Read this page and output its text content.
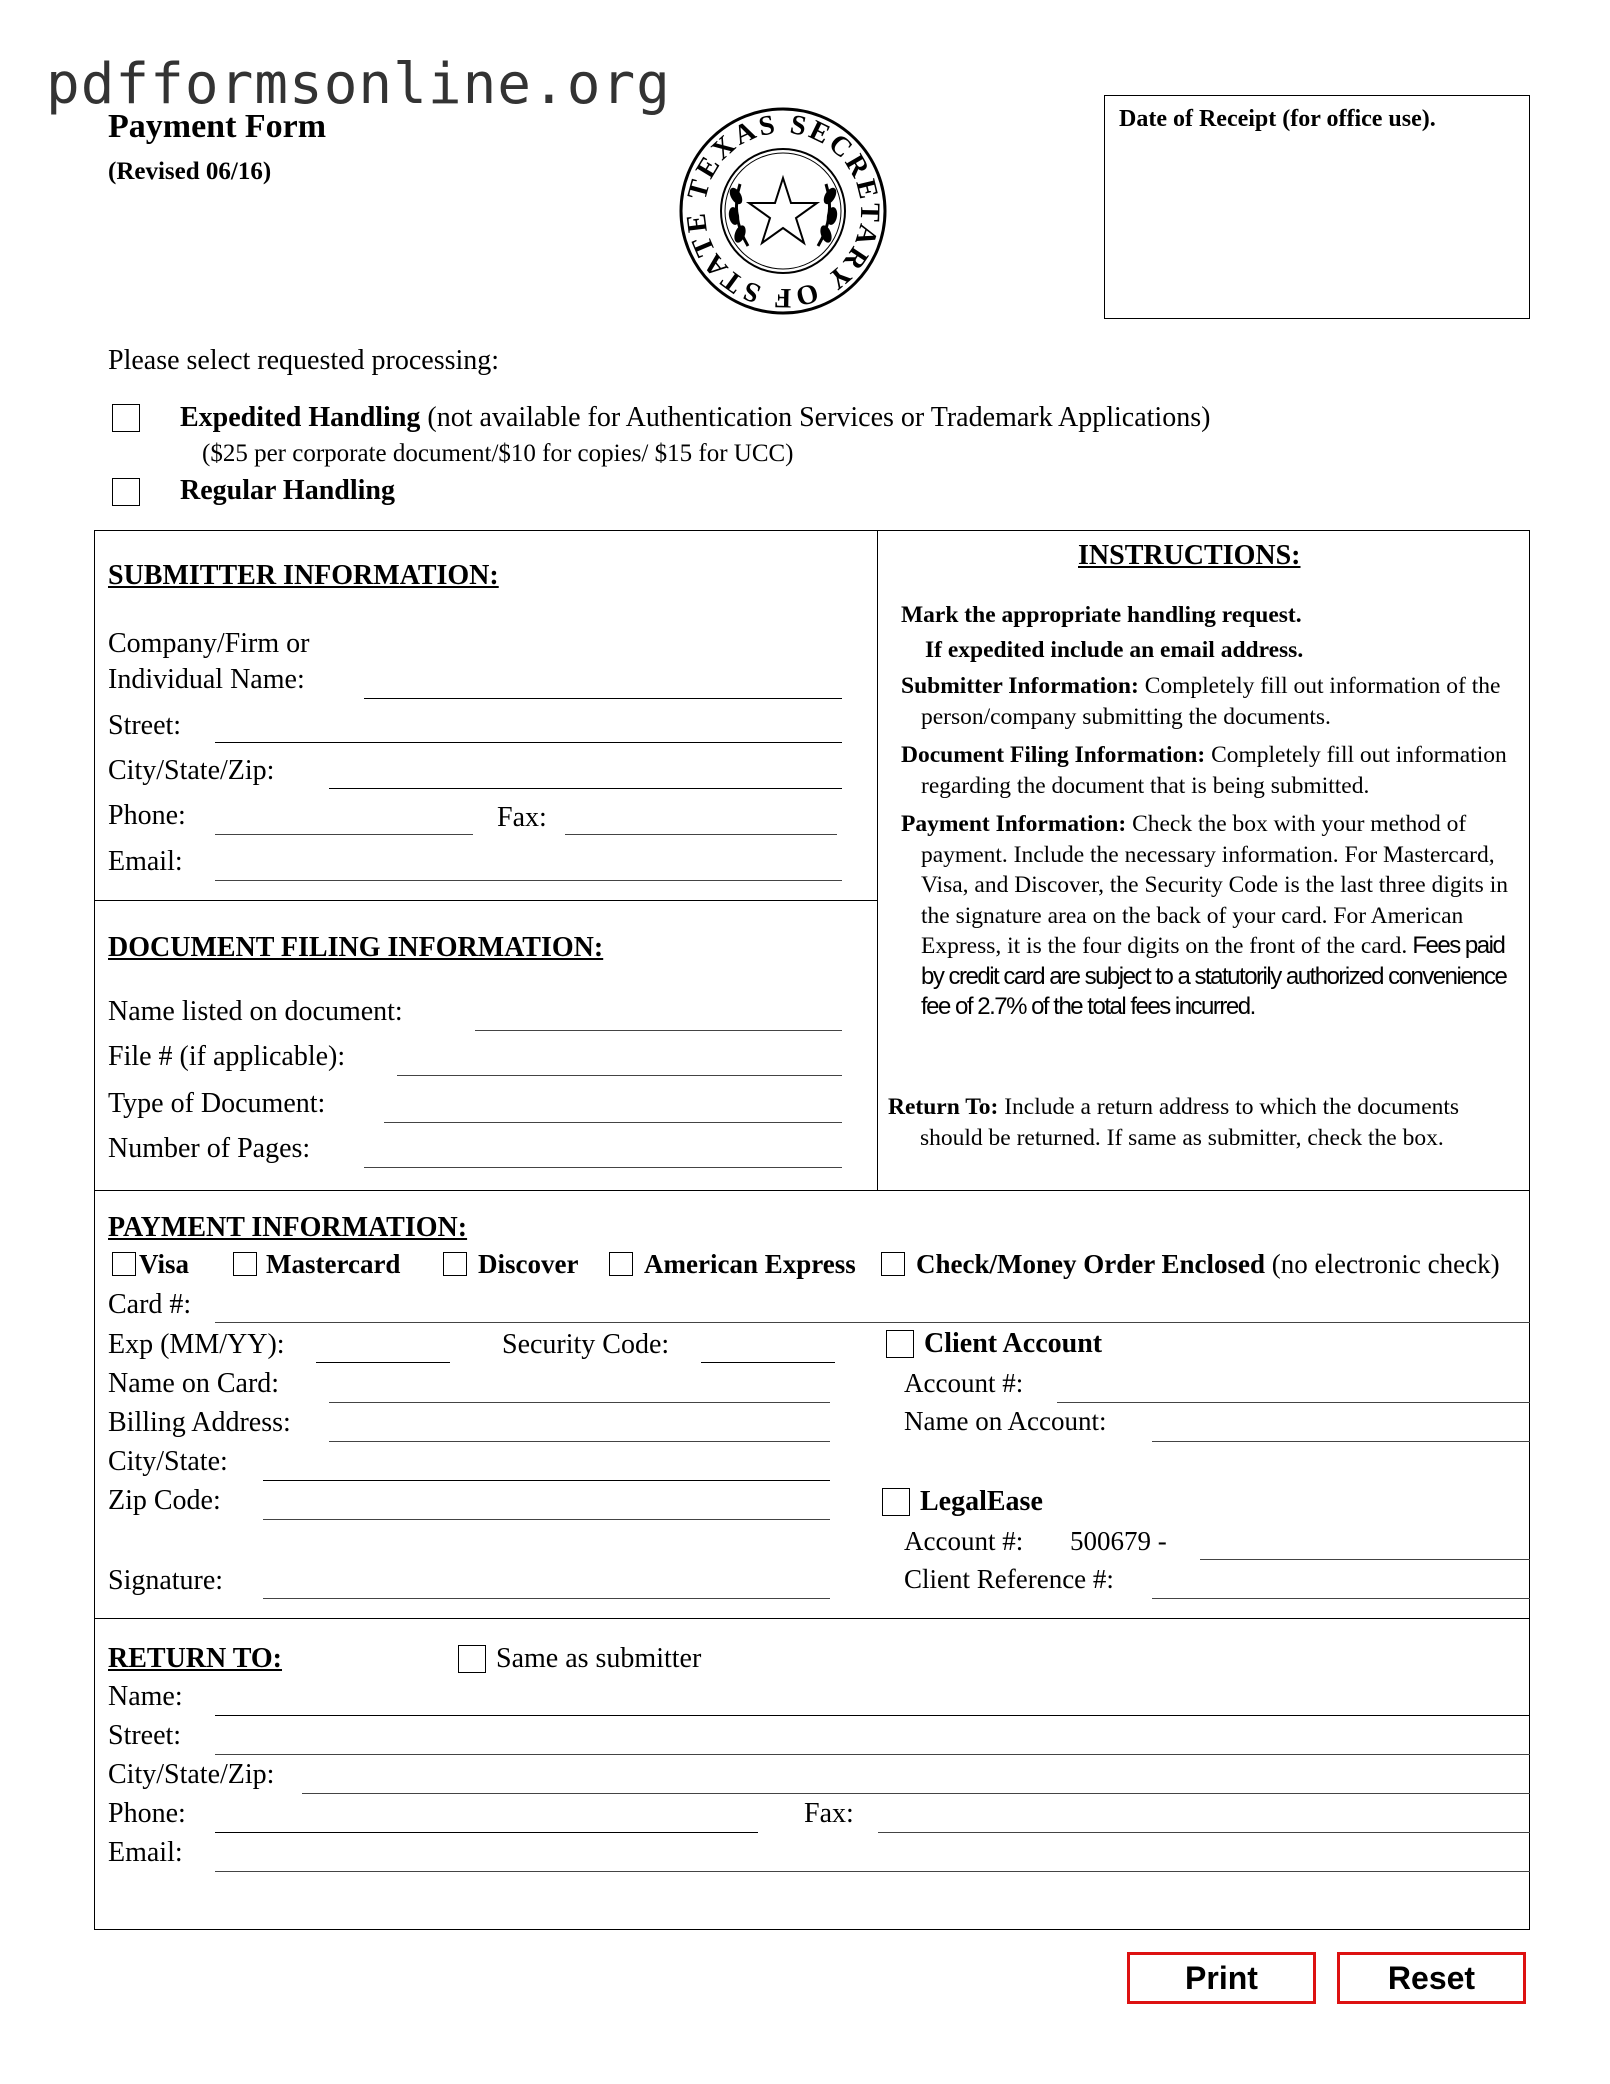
pdfformsonline.org
Payment Form
(Revised 06/16)
TEXAS SECRETARY OF STATE
Date of Receipt (for office use).
Please select requested processing:
Expedited Handling (not available for Authentication Services or Trademark Applications)
($25 per corporate document/$10 for copies/ $15 for UCC)
Regular Handling
SUBMITTER INFORMATION:
Company/Firm or
Individual Name:
Street:
City/State/Zip:
Phone:	Fax:
Email:
DOCUMENT FILING INFORMATION:
Name listed on document:
File # (if applicable):
Type of Document:
Number of Pages:
INSTRUCTIONS:

Mark the appropriate handling request.

If expedited include an email address.

Submitter Information: Completely fill out information of the person/company submitting the documents.

Document Filing Information: Completely fill out information regarding the document that is being submitted.

Payment Information: Check the box with your method of payment. Include the necessary information. For Mastercard, Visa, and Discover, the Security Code is the last three digits in the signature area on the back of your card. For American Express, it is the four digits on the front of the card. Fees paid by credit card are subject to a statutorily authorized convenience fee of 2.7% of the total fees incurred.

Return To: Include a return address to which the documents should be returned. If same as submitter, check the box.

PAYMENT INFORMATION:
Visa	Mastercard	Discover American Express Check/Money Order Enclosed (no electronic check)
Card #:
Exp (MM/YY):	Security Code:
Name on Card:
Billing Address:
City/State:
Zip Code:
Signature:
Client Account
Account #:
Name on Account:
LegalEase
Account #: 500679 -
Client Reference #:
RETURN TO:	Same as submitter
Name:
Street:
City/State/Zip:
Phone:	Fax:
Email:
Print	Reset
